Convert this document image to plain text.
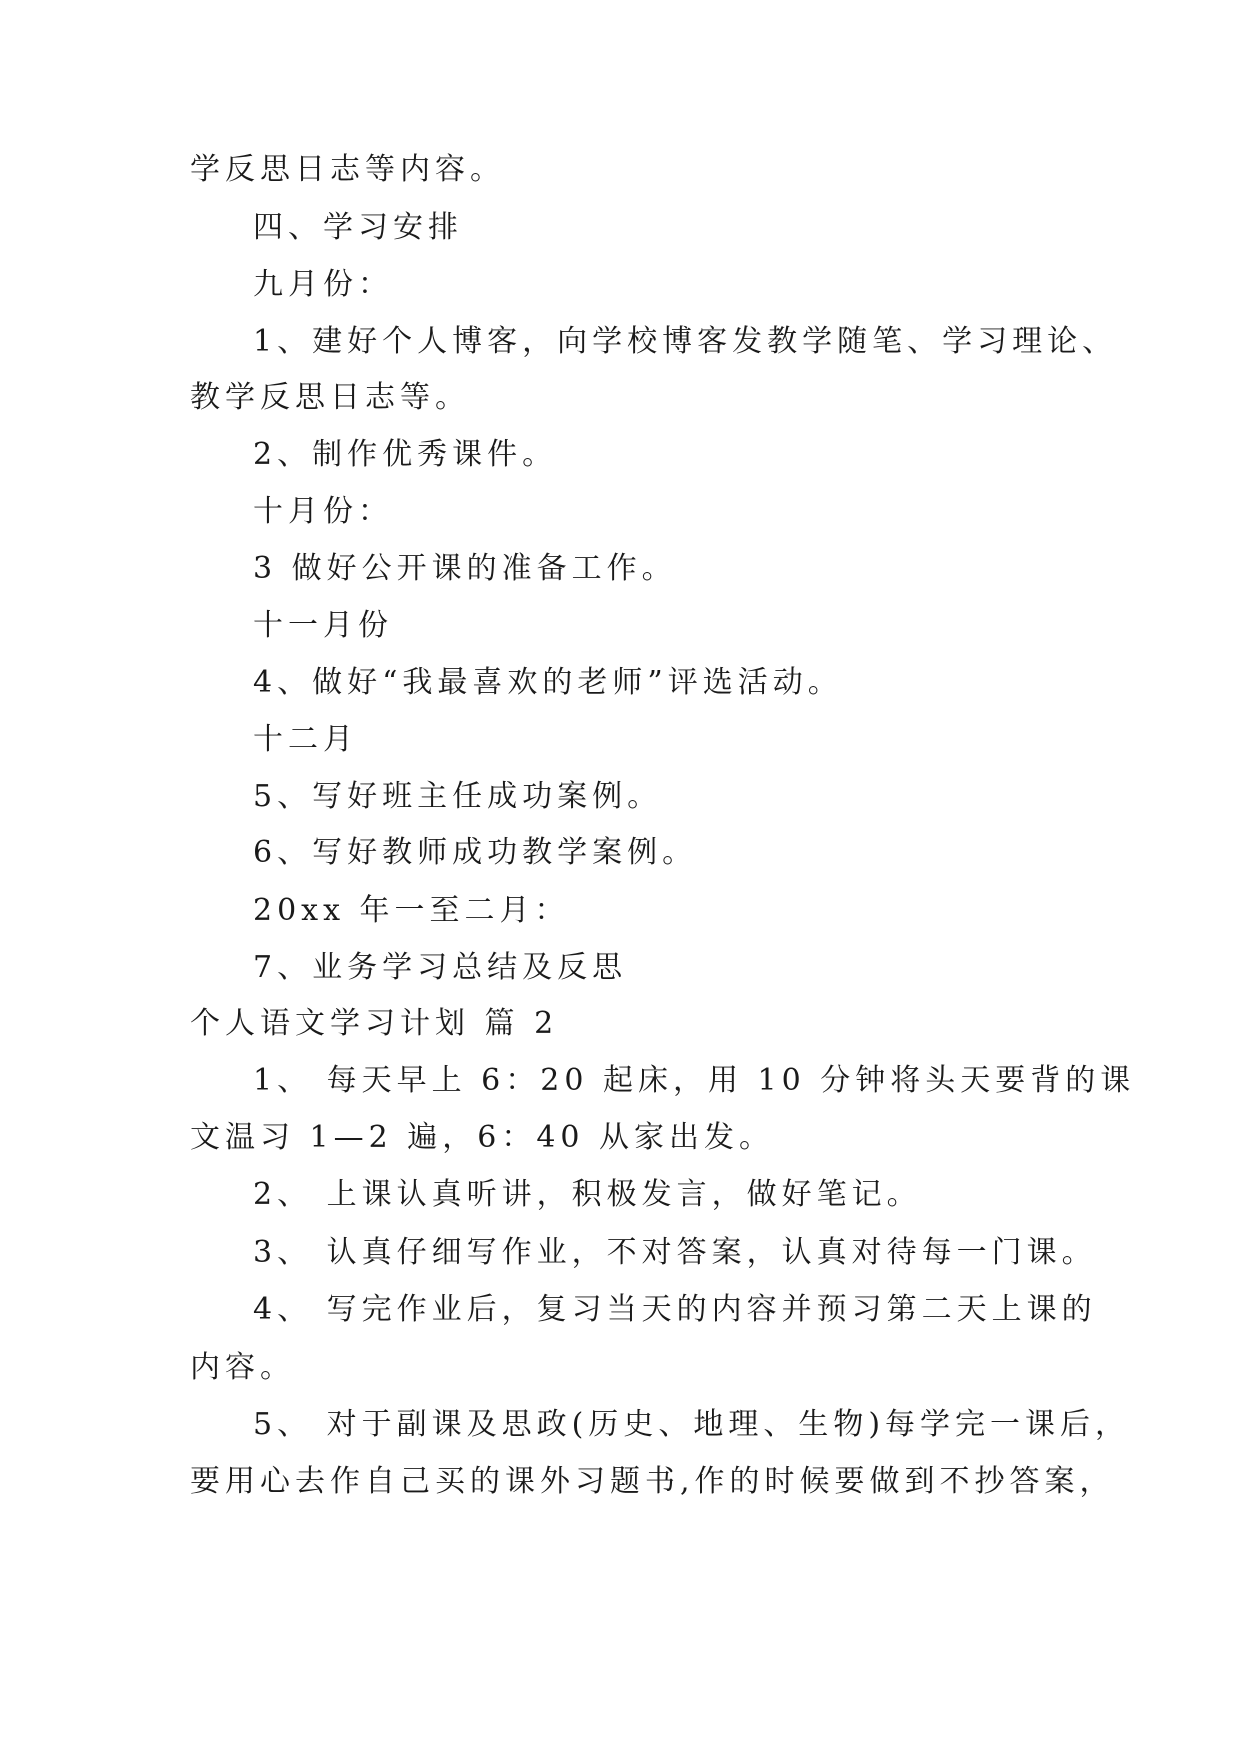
学反思日志等内容。
四、学习安排
九月份：
1、建好个人博客，向学校博客发教学随笔、学习理论、
教学反思日志等。
2、制作优秀课件。
十月份：
3 做好公开课的准备工作。
十一月份
4、做好“我最喜欢的老师”评选活动。
十二月
5、写好班主任成功案例。
6、写好教师成功教学案例。
20xx 年一至二月：
7、业务学习总结及反思
个人语文学习计划 篇 2
1、 每天早上 6：20 起床，用 10 分钟将头天要背的课
文温习 1—2 遍，6：40 从家出发。
2、 上课认真听讲，积极发言，做好笔记。
3、 认真仔细写作业，不对答案，认真对待每一门课。
4、 写完作业后，复习当天的内容并预习第二天上课的
内容。
5、 对于副课及思政(历史、地理、生物)每学完一课后，
要用心去作自己买的课外习题书,作的时候要做到不抄答案，
